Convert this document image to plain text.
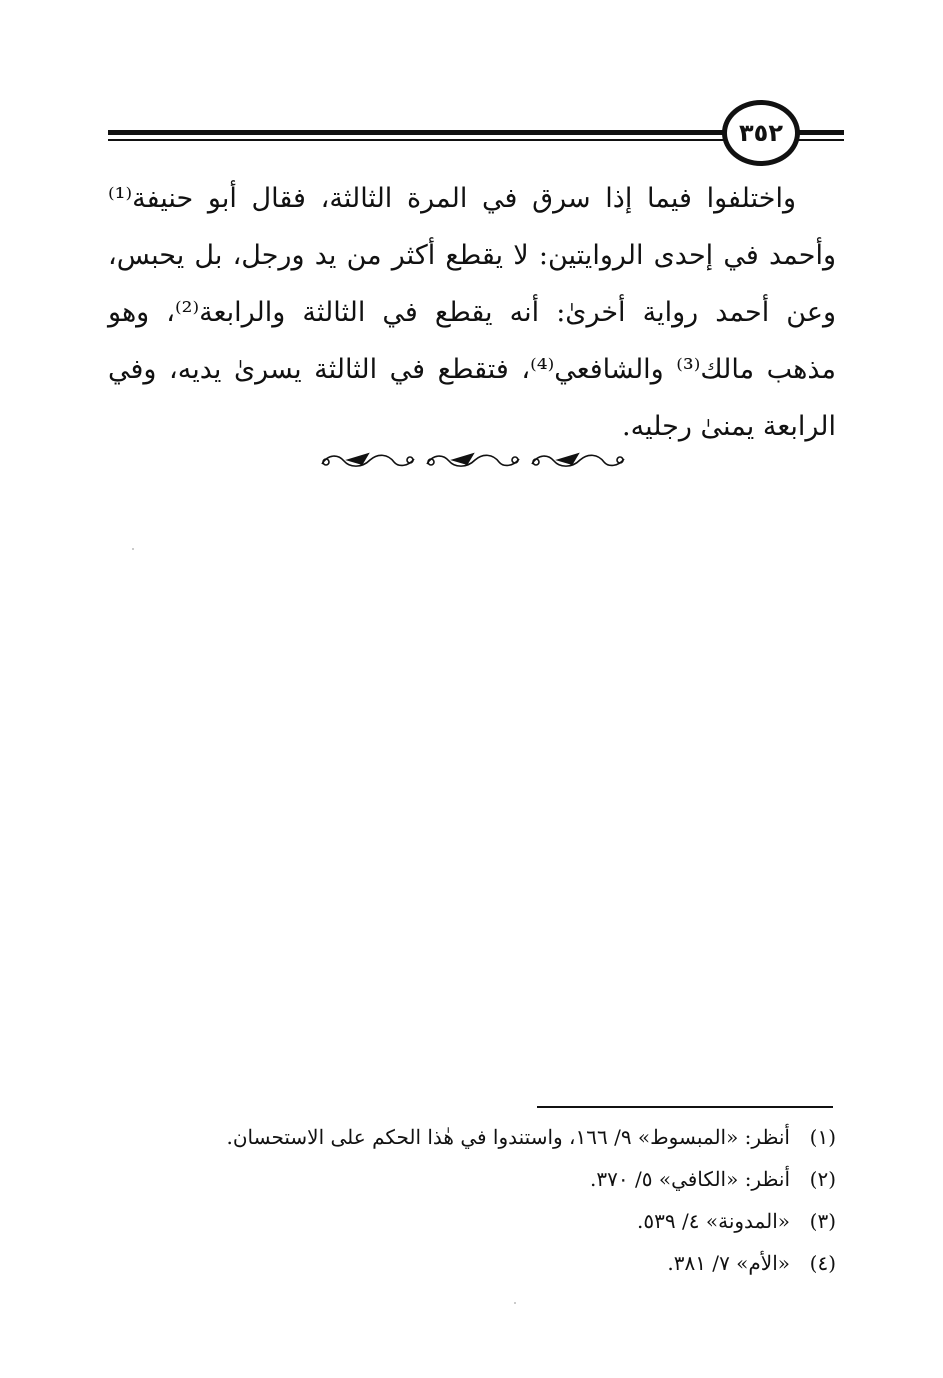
٣٥٢

واختلفوا فيما إذا سرق في المرة الثالثة، فقال أبو حنيفة⁽¹⁾ وأحمد في إحدى الروايتين: لا يقطع أكثر من يد ورجل، بل يحبس، وعن أحمد رواية أخرىٰ: أنه يقطع في الثالثة والرابعة⁽²⁾، وهو مذهب مالك⁽³⁾ والشافعي⁽⁴⁾، فتقطع في الثالثة يسرىٰ يديه، وفي الرابعة يمنىٰ رجليه.

(١)
أنظر: «المبسوط» ٩/ ١٦٦، واستندوا في هٰذا الحكم على الاستحسان.
(٢)
أنظر: «الكافي» ٥/ ٣٧٠.
(٣)
«المدونة» ٤/ ٥٣٩.
(٤)
«الأم» ٧/ ٣٨١.
